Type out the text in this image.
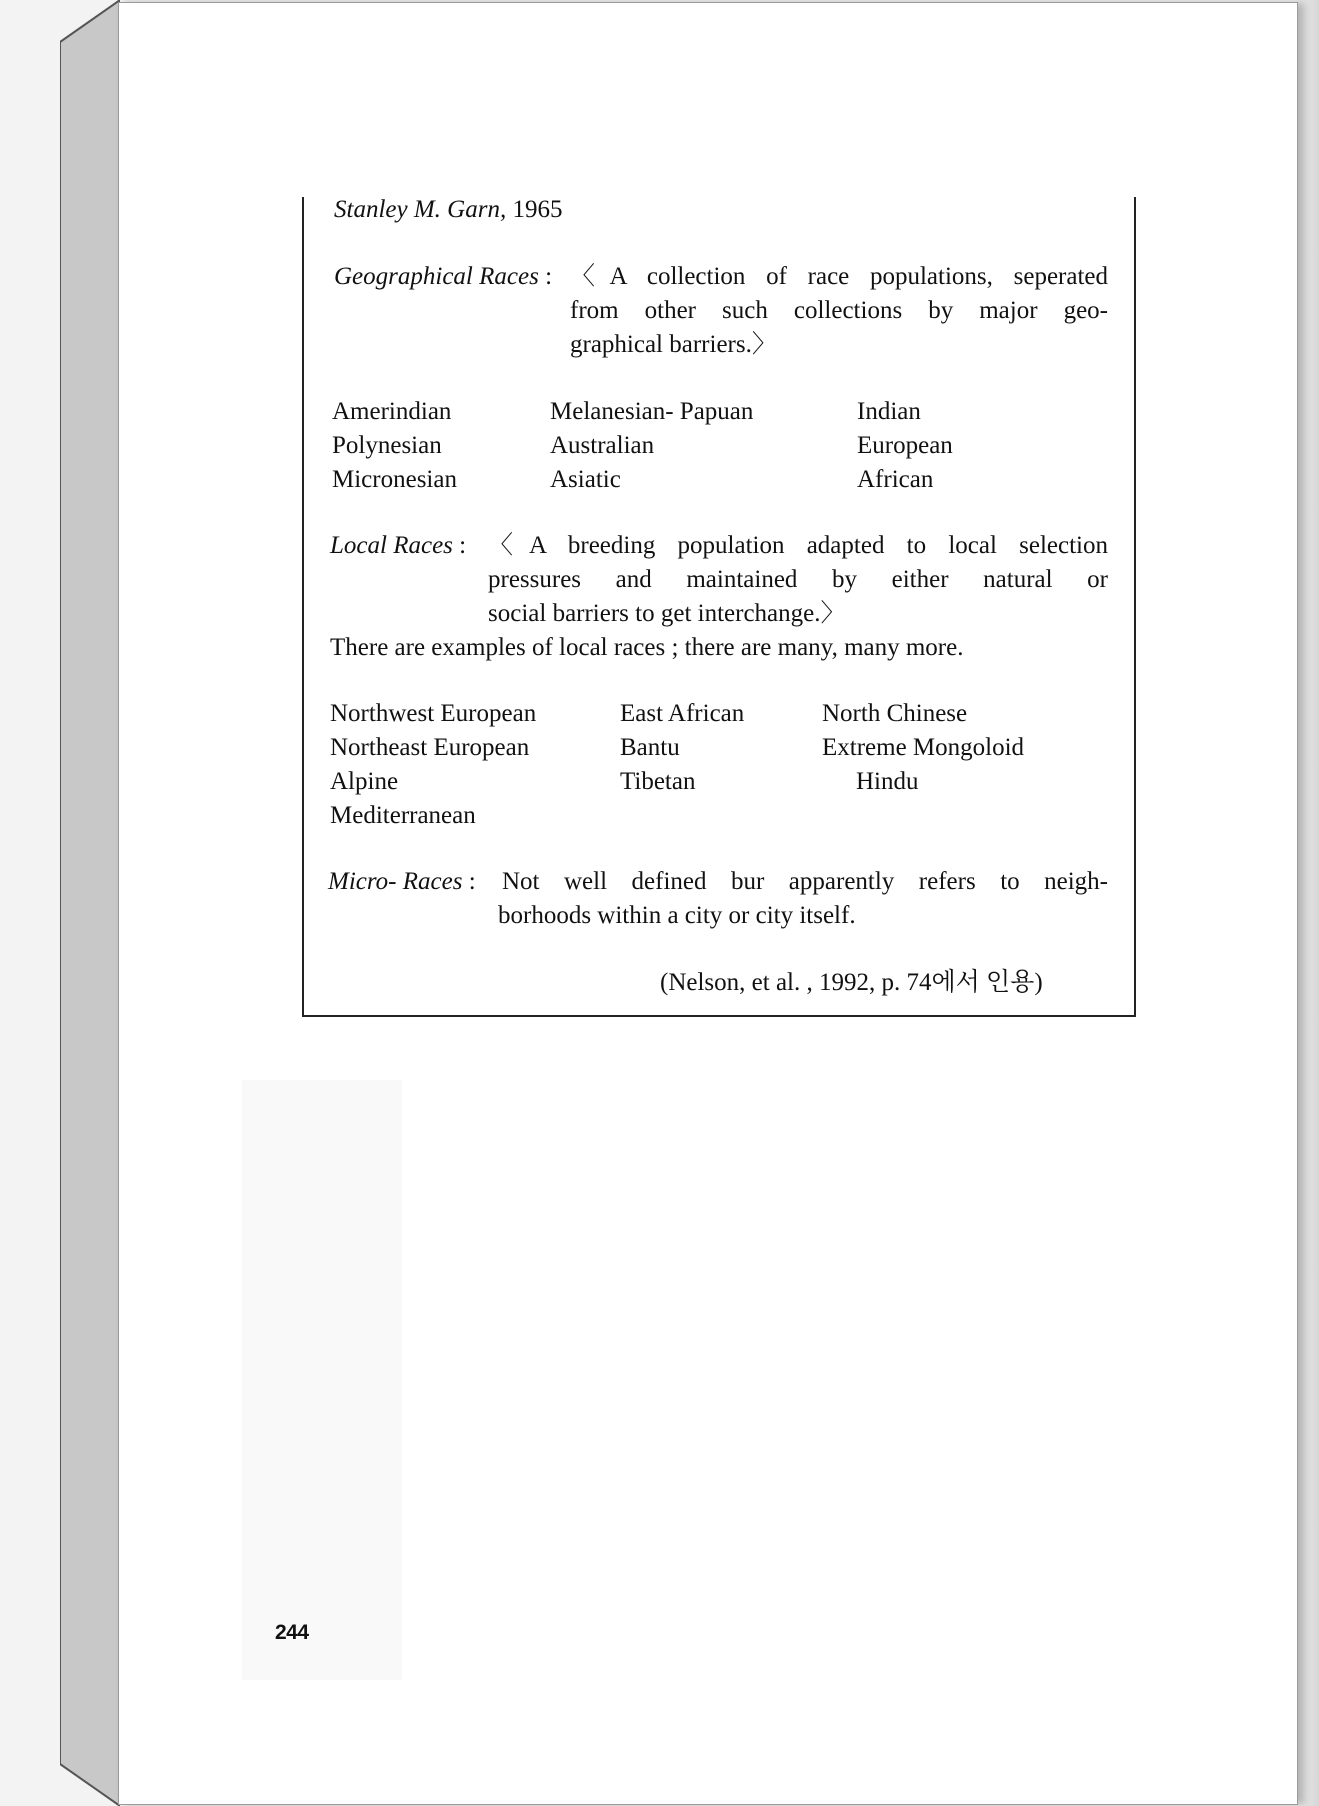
Stanley M. Garn, 1965
Geographical Races : 〈A collection of race populations, seperated
from other such collections by major geo-
graphical barriers.〉
Amerindian
Polynesian
Micronesian
Melanesian- Papuan
Australian
Asiatic
Indian
European
African
Local Races : 〈A breeding population adapted to local selection
pressures and maintained by either natural or
social barriers to get interchange.〉
There are examples of local races ; there are many, many more.
Northwest European
Northeast European
Alpine
Mediterranean
East African
Bantu
Tibetan
North Chinese
Extreme Mongoloid
Hindu
Micro- Races : Not well defined bur apparently refers to neigh-
borhoods within a city or city itself.
(Nelson, et al. , 1992, p. 74에서 인용)
244
